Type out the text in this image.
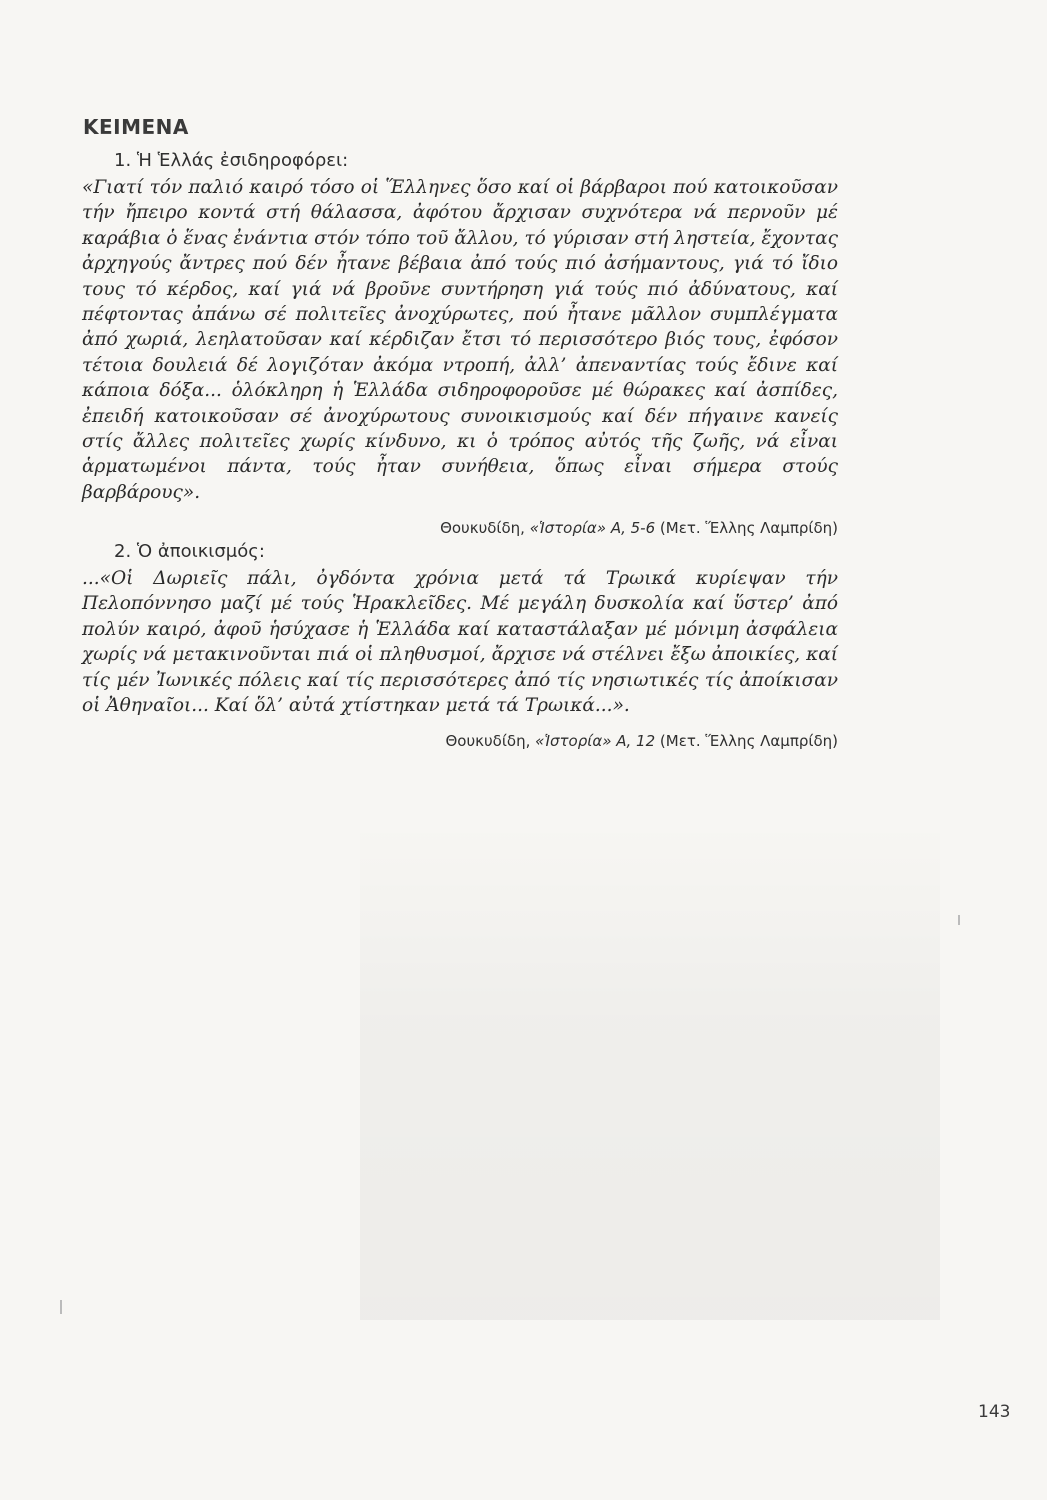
ΚΕΙΜΕΝΑ
1. Ἡ Ἑλλάς ἐσιδηροφόρει:

«Γιατί τόν παλιό καιρό τόσο οἱ Ἕλληνες ὅσο καί οἱ βάρβαροι πού κατοικοῦσαν τήν ἤπειρο κοντά στή θάλασσα, ἀφότου ἄρχισαν συχνότερα νά περνοῦν μέ καράβια ὁ ἕνας ἐνάντια στόν τόπο τοῦ ἄλλου, τό γύρισαν στή ληστεία, ἔχοντας ἀρχηγούς ἄντρες πού δέν ἦτανε βέβαια ἀπό τούς πιό ἀσήμαντους, γιά τό ἴδιο τους τό κέρδος, καί γιά νά βροῦνε συντήρηση γιά τούς πιό ἀδύνατους, καί πέφτοντας ἀπάνω σέ πολιτεῖες ἀνοχύρωτες, πού ἦτανε μᾶλλον συμπλέγματα ἀπό χωριά, λεηλατοῦσαν καί κέρδιζαν ἔτσι τό περισσότερο βιός τους, ἐφόσον τέτοια δουλειά δέ λογιζόταν ἀκόμα ντροπή, ἀλλ’ ἀπεναντίας τούς ἔδινε καί κάποια δόξα... ὁλόκληρη ἡ Ἑλλάδα σιδηροφοροῦσε μέ θώρακες καί ἀσπίδες, ἐπειδή κατοικοῦσαν σέ ἀνοχύρωτους συνοικισμούς καί δέν πήγαινε κανείς στίς ἄλλες πολιτεῖες χωρίς κίνδυνο, κι ὁ τρόπος αὐτός τῆς ζωῆς, νά εἶναι ἁρματωμένοι πάντα, τούς ἦταν συνήθεια, ὅπως εἶναι σήμερα στούς βαρβάρους».

Θουκυδίδη, «Ἱστορία» Α, 5-6 (Μετ. Ἕλλης Λαμπρίδη)
2. Ὁ ἀποικισμός:

...«Οἱ Δωριεῖς πάλι, ὀγδόντα χρόνια μετά τά Τρωικά κυρίεψαν τήν Πελοπόννησο μαζί μέ τούς Ἡρακλεῖδες. Μέ μεγάλη δυσκολία καί ὕστερ’ ἀπό πολύν καιρό, ἀφοῦ ἡσύχασε ἡ Ἑλλάδα καί καταστάλαξαν μέ μόνιμη ἀσφάλεια χωρίς νά μετακινοῦνται πιά οἱ πληθυσμοί, ἄρχισε νά στέλνει ἔξω ἀποικίες, καί τίς μέν Ἰωνικές πόλεις καί τίς περισσότερες ἀπό τίς νησιωτικές τίς ἀποίκισαν οἱ Ἀθηναῖοι... Καί ὅλ’ αὐτά χτίστηκαν μετά τά Τρωικά...».

Θουκυδίδη, «Ἱστορία» Α, 12 (Μετ. Ἕλλης Λαμπρίδη)
143
